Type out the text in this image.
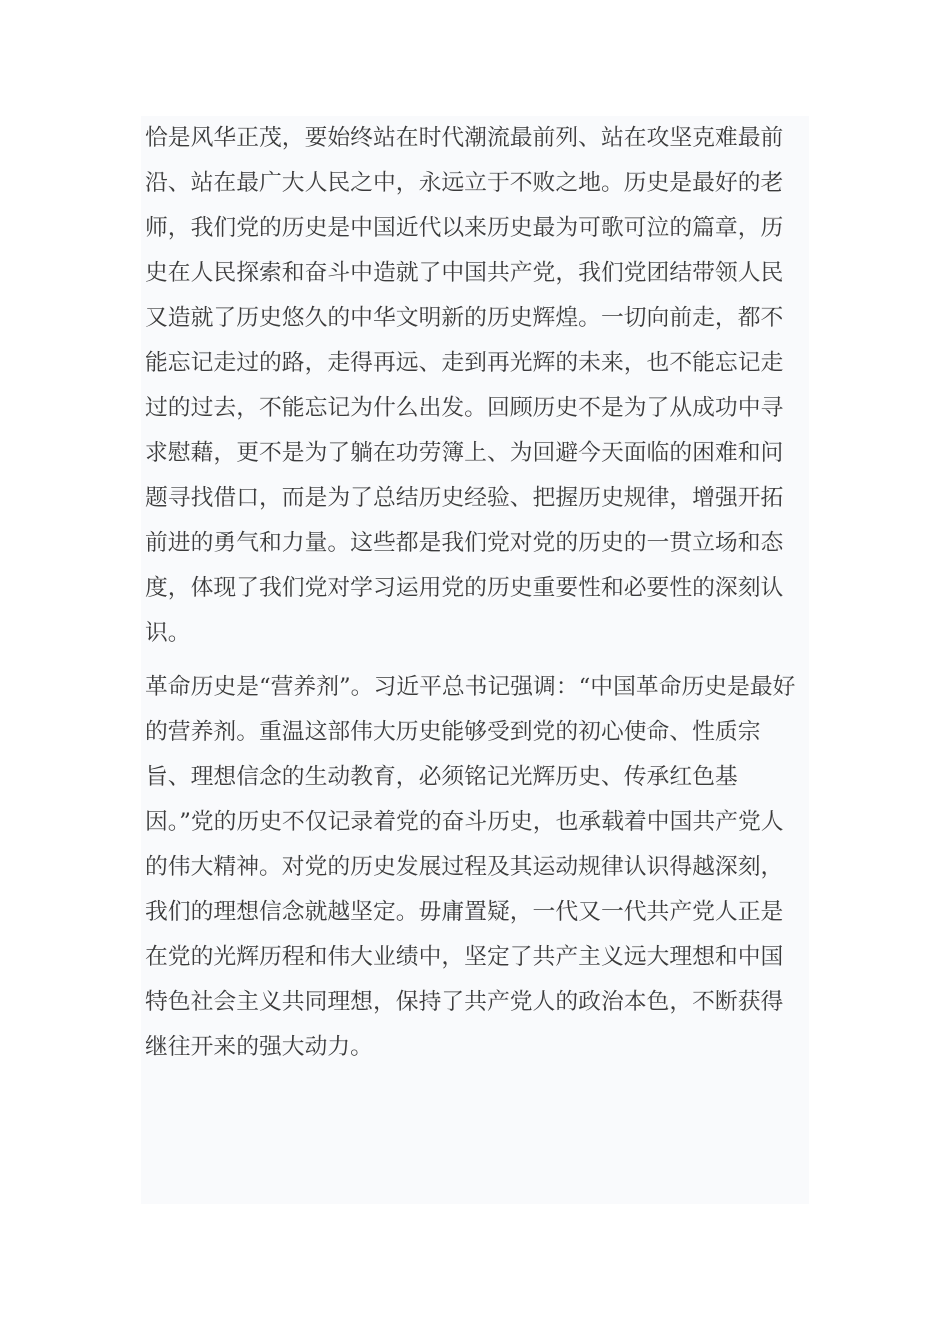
恰是风华正茂，要始终站在时代潮流最前列、站在攻坚克难最前沿、站在最广大人民之中，永远立于不败之地。历史是最好的老师，我们党的历史是中国近代以来历史最为可歌可泣的篇章，历史在人民探索和奋斗中造就了中国共产党，我们党团结带领人民又造就了历史悠久的中华文明新的历史辉煌。一切向前走，都不能忘记走过的路，走得再远、走到再光辉的未来，也不能忘记走过的过去，不能忘记为什么出发。回顾历史不是为了从成功中寻求慰藉，更不是为了躺在功劳簿上、为回避今天面临的困难和问题寻找借口，而是为了总结历史经验、把握历史规律，增强开拓前进的勇气和力量。这些都是我们党对党的历史的一贯立场和态度，体现了我们党对学习运用党的历史重要性和必要性的深刻认识。

革命历史是“营养剂”。习近平总书记强调：“中国革命历史是最好的营养剂。重温这部伟大历史能够受到党的初心使命、性质宗旨、理想信念的生动教育，必须铭记光辉历史、传承红色基因。”党的历史不仅记录着党的奋斗历史，也承载着中国共产党人的伟大精神。对党的历史发展过程及其运动规律认识得越深刻，我们的理想信念就越坚定。毋庸置疑，一代又一代共产党人正是在党的光辉历程和伟大业绩中，坚定了共产主义远大理想和中国特色社会主义共同理想，保持了共产党人的政治本色，不断获得继往开来的强大动力。
